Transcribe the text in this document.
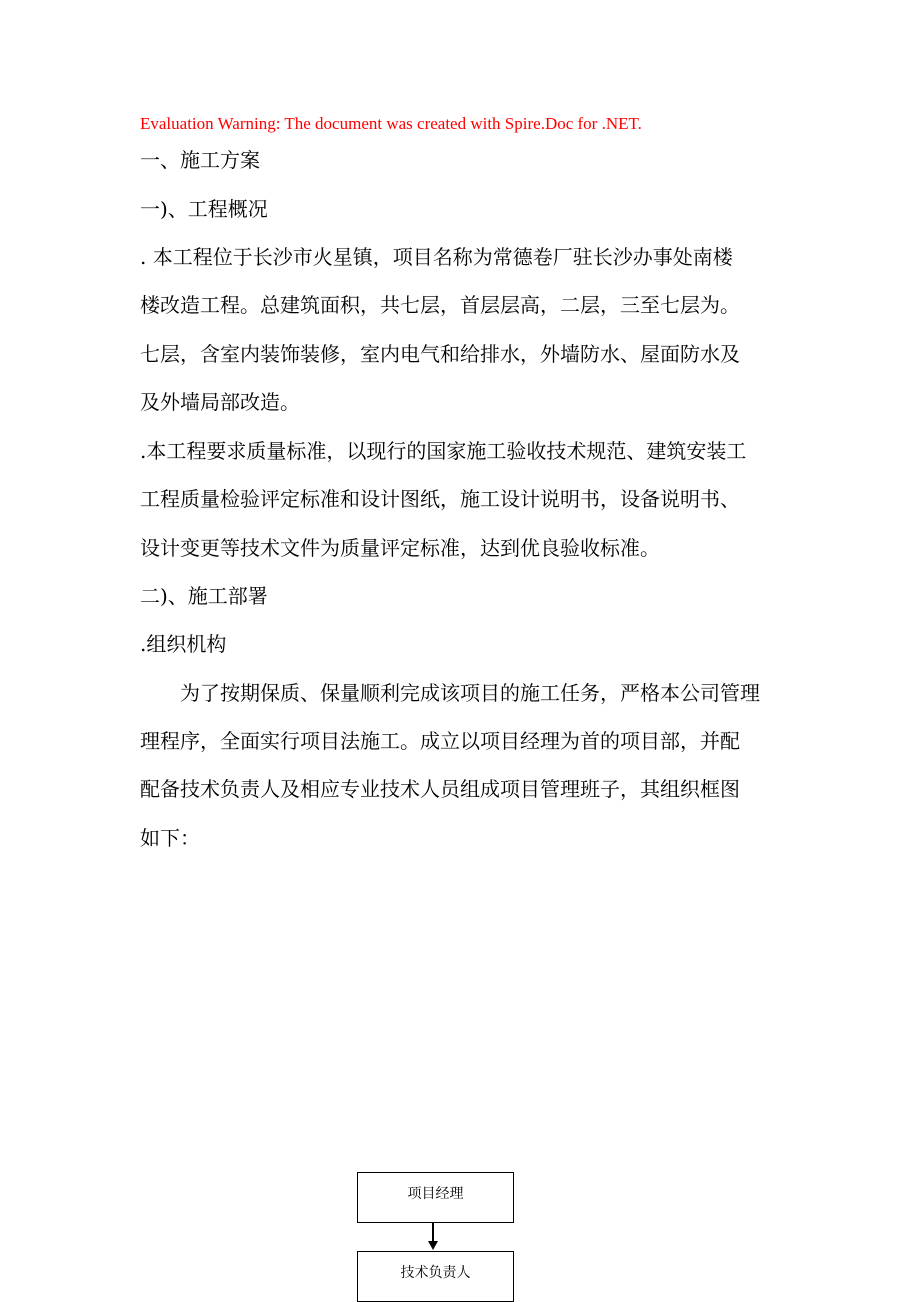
Evaluation Warning: The document was created with Spire.Doc for .NET.
一、施工方案
一)、工程概况
. 本工程位于长沙市火星镇，项目名称为常德卷厂驻长沙办事处南楼
楼改造工程。总建筑面积，共七层，首层层高，二层，三至七层为。
七层，含室内装饰装修，室内电气和给排水，外墙防水、屋面防水及
及外墙局部改造。
.本工程要求质量标准，以现行的国家施工验收技术规范、建筑安装工
工程质量检验评定标准和设计图纸，施工设计说明书，设备说明书、
设计变更等技术文件为质量评定标准，达到优良验收标准。
二)、施工部署
.组织机构
为了按期保质、保量顺利完成该项目的施工任务，严格本公司管理
理程序，全面实行项目法施工。成立以项目经理为首的项目部，并配
配备技术负责人及相应专业技术人员组成项目管理班子，其组织框图
如下：
项目经理
技术负责人
